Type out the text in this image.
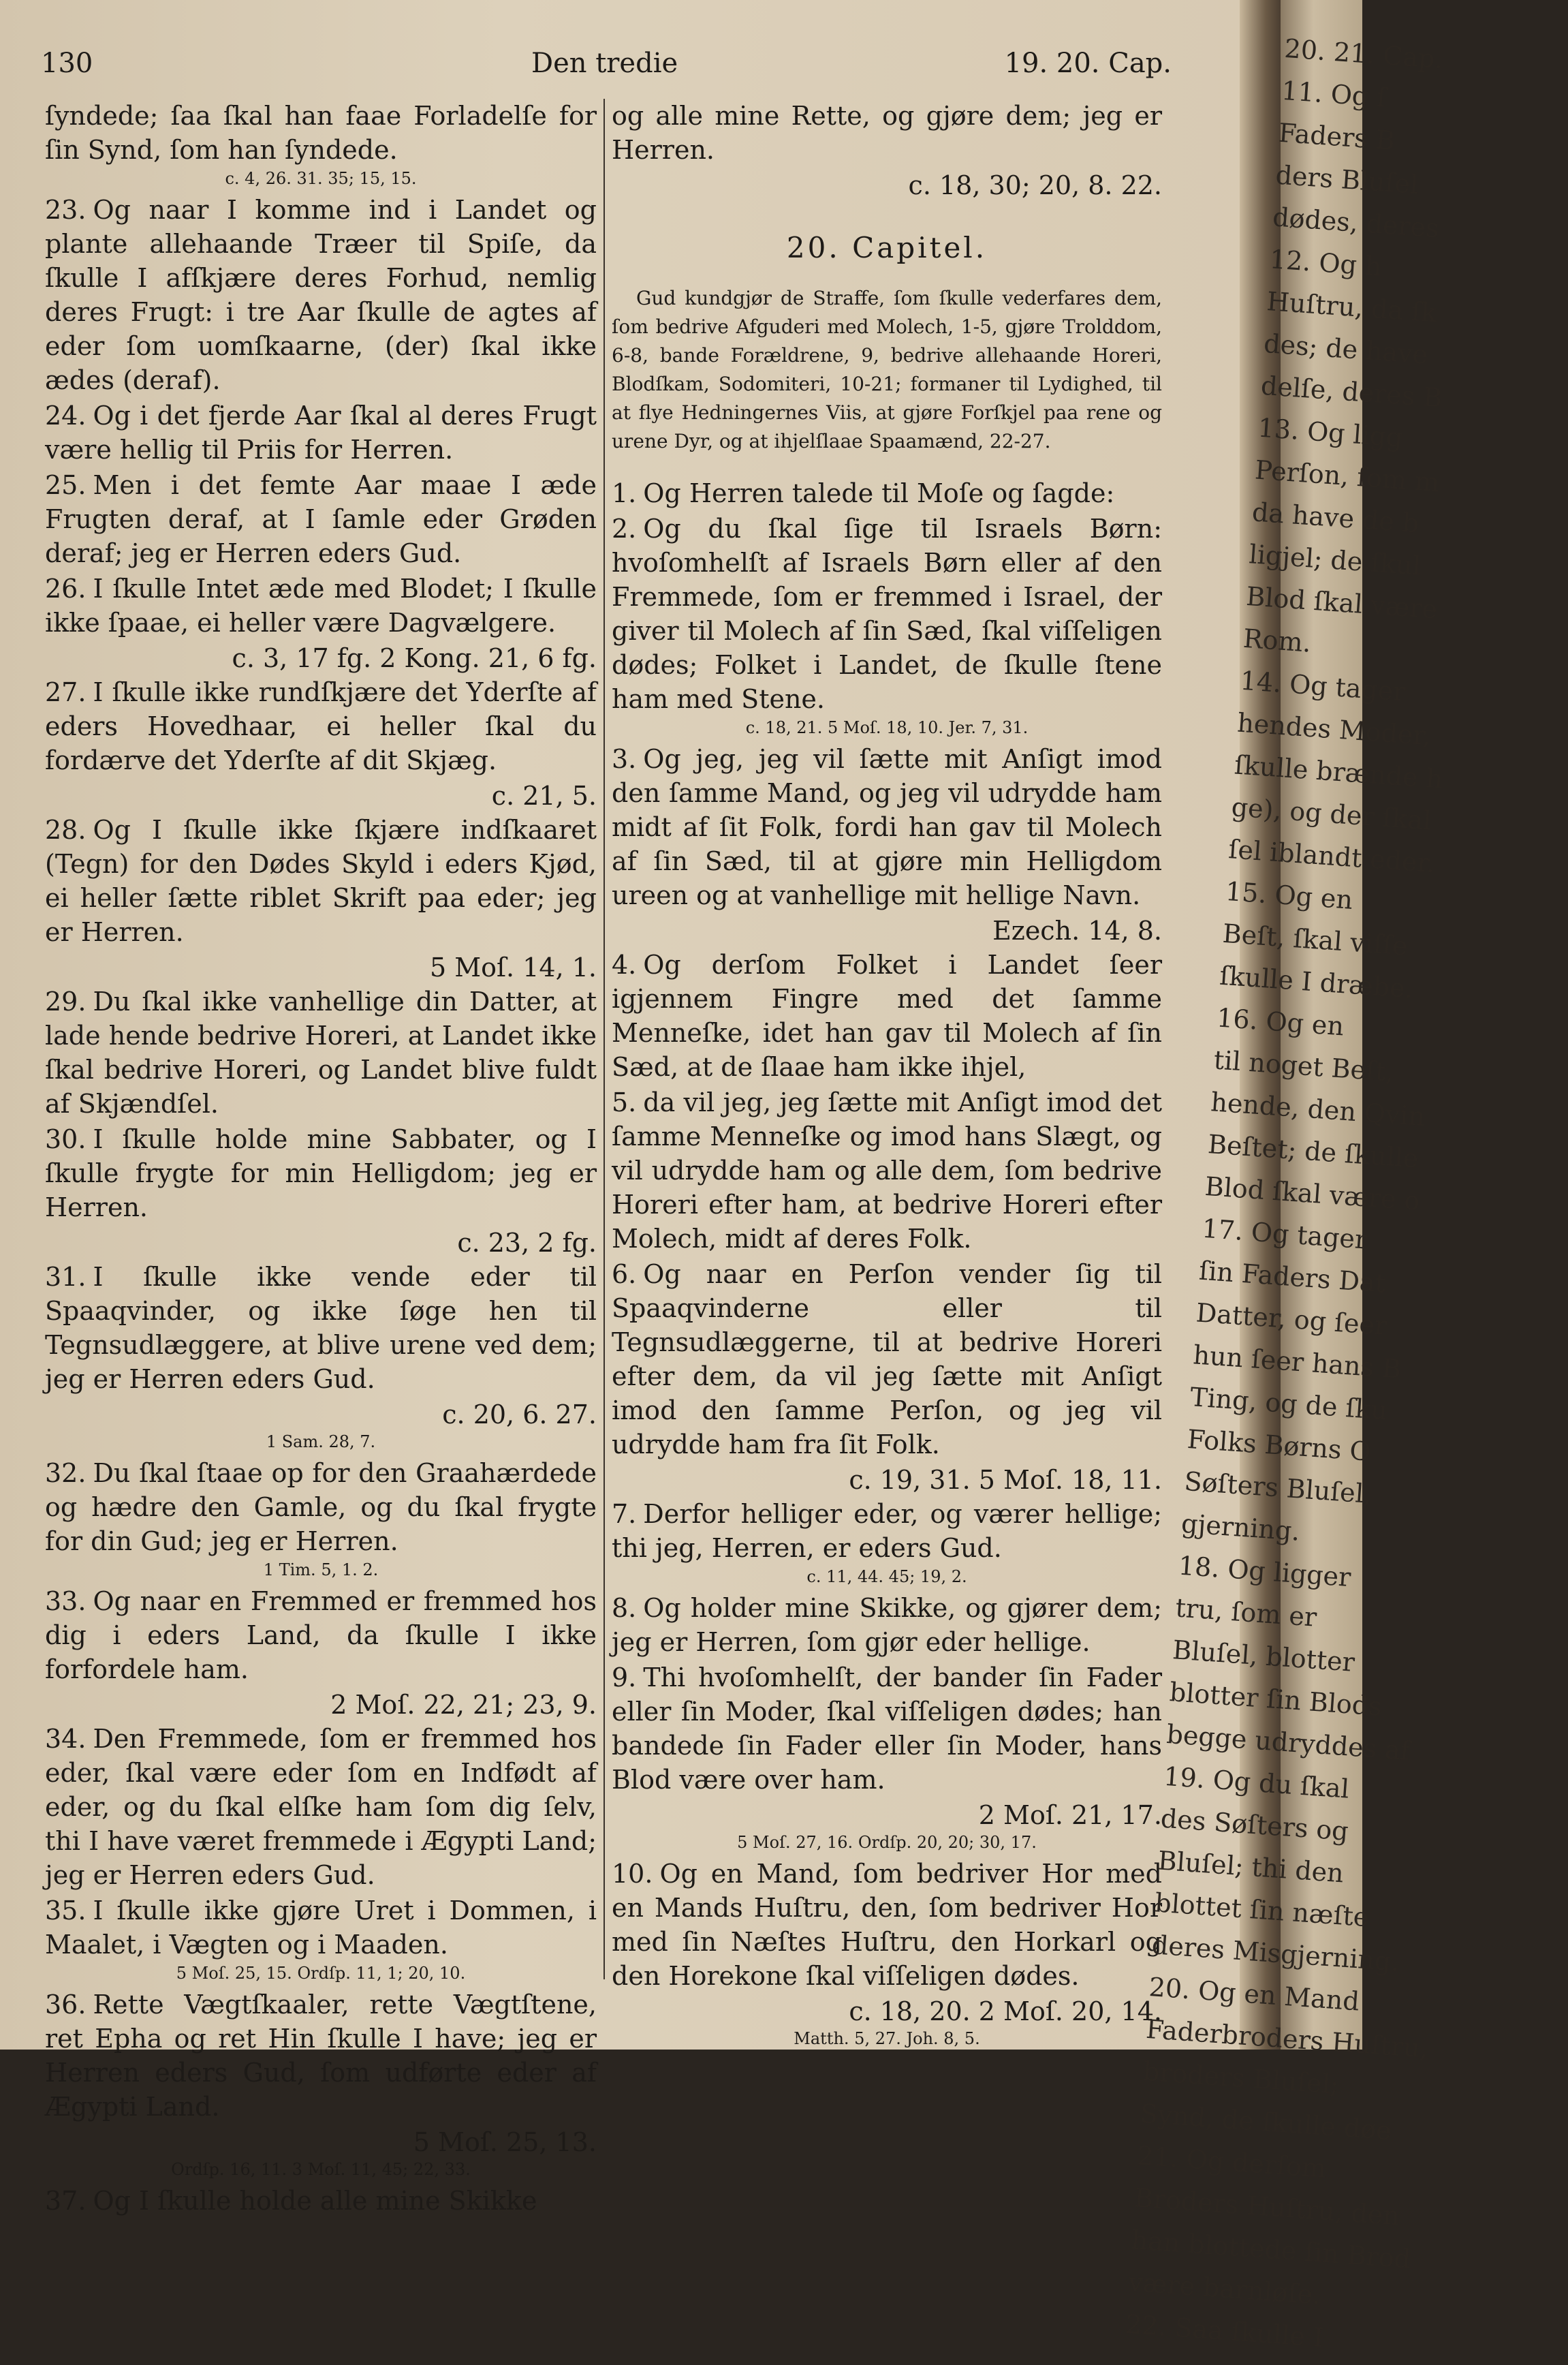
130	Den tredie	19. 20. Cap.
ſyndede; ſaa ſkal han faae Forladelſe for ſin Synd, ſom han ſyndede.
c. 4, 26. 31. 35; 15, 15.
23. Og naar I komme ind i Landet og plante allehaande Træer til Spiſe, da ſkulle I afſkjære deres Forhud, nemlig deres Frugt: i tre Aar ſkulle de agtes af eder ſom uomſkaarne, (der) ſkal ikke ædes (deraf).
24. Og i det fjerde Aar ſkal al deres Frugt være hellig til Priis for Herren.
25. Men i det femte Aar maae I æde Frugten deraf, at I ſamle eder Grøden deraf; jeg er Herren eders Gud.
26. I ſkulle Intet æde med Blodet; I ſkulle ikke ſpaae, ei heller være Dagvælgere.
c. 3, 17 fg. 2 Kong. 21, 6 fg.
27. I ſkulle ikke rundſkjære det Yderſte af eders Hovedhaar, ei heller ſkal du fordærve det Yderſte af dit Skjæg.
c. 21, 5.
28. Og I ſkulle ikke ſkjære indſkaaret (Tegn) for den Dødes Skyld i eders Kjød, ei heller ſætte riblet Skrift paa eder; jeg er Herren.
5 Moſ. 14, 1.
29. Du ſkal ikke vanhellige din Datter, at lade hende bedrive Horeri, at Landet ikke ſkal bedrive Horeri, og Landet blive fuldt af Skjændſel.
30. I ſkulle holde mine Sabbater, og I ſkulle frygte for min Helligdom; jeg er Herren.
c. 23, 2 fg.
31. I ſkulle ikke vende eder til Spaaqvinder, og ikke ſøge hen til Tegnsudlæggere, at blive urene ved dem; jeg er Herren eders Gud.
c. 20, 6. 27.
1 Sam. 28, 7.
32. Du ſkal ſtaae op for den Graahærdede og hædre den Gamle, og du ſkal frygte for din Gud; jeg er Herren.
1 Tim. 5, 1. 2.
33. Og naar en Fremmed er fremmed hos dig i eders Land, da ſkulle I ikke forfordele ham.
2 Moſ. 22, 21; 23, 9.
34. Den Fremmede, ſom er fremmed hos eder, ſkal være eder ſom en Indfødt af eder, og du ſkal elſke ham ſom dig ſelv, thi I have været fremmede i Ægypti Land; jeg er Herren eders Gud.
35. I ſkulle ikke gjøre Uret i Dommen, i Maalet, i Vægten og i Maaden.
5 Moſ. 25, 15. Ordſp. 11, 1; 20, 10.
36. Rette Vægtſkaaler, rette Vægtſtene, ret Epha og ret Hin ſkulle I have; jeg er Herren eders Gud, ſom udførte eder af Ægypti Land.
5 Moſ. 25, 13.
Ordſp. 16, 11. 3 Moſ. 11, 45; 22, 33.
37. Og I ſkulle holde alle mine Skikke
og alle mine Rette, og gjøre dem; jeg er Herren.
c. 18, 30; 20, 8. 22.
20. Capitel.
Gud kundgjør de Straffe, ſom ſkulle vederfares dem, ſom bedrive Afguderi med Molech, 1-5, gjøre Trolddom, 6-8, bande Forældrene, 9, bedrive allehaande Horeri, Blodſkam, Sodomiteri, 10-21; formaner til Lydighed, til at flye Hedningernes Viis, at gjøre Forſkjel paa rene og urene Dyr, og at ihjelſlaae Spaamænd, 22-27.
1. Og Herren talede til Moſe og ſagde:
2. Og du ſkal ſige til Israels Børn: hvoſomhelſt af Israels Børn eller af den Fremmede, ſom er fremmed i Israel, der giver til Molech af ſin Sæd, ſkal viſſeligen dødes; Folket i Landet, de ſkulle ſtene ham med Stene.
c. 18, 21. 5 Moſ. 18, 10. Jer. 7, 31.
3. Og jeg, jeg vil ſætte mit Anſigt imod den ſamme Mand, og jeg vil udrydde ham midt af ſit Folk, fordi han gav til Molech af ſin Sæd, til at gjøre min Helligdom ureen og at vanhellige mit hellige Navn.
Ezech. 14, 8.
4. Og derſom Folket i Landet ſeer igjennem Fingre med det ſamme Menneſke, idet han gav til Molech af ſin Sæd, at de ſlaae ham ikke ihjel,
5. da vil jeg, jeg ſætte mit Anſigt imod det ſamme Menneſke og imod hans Slægt, og vil udrydde ham og alle dem, ſom bedrive Horeri efter ham, at bedrive Horeri efter Molech, midt af deres Folk.
6. Og naar en Perſon vender ſig til Spaaqvinderne eller til Tegnsudlæggerne, til at bedrive Horeri efter dem, da vil jeg ſætte mit Anſigt imod den ſamme Perſon, og jeg vil udrydde ham fra ſit Folk.
c. 19, 31. 5 Moſ. 18, 11.
7. Derfor helliger eder, og værer hellige; thi jeg, Herren, er eders Gud.
c. 11, 44. 45; 19, 2.
8. Og holder mine Skikke, og gjører dem; jeg er Herren, ſom gjør eder hellige.
9. Thi hvoſomhelſt, der bander ſin Fader eller ſin Moder, ſkal viſſeligen dødes; han bandede ſin Fader eller ſin Moder, hans Blod være over ham.
2 Moſ. 21, 17.
5 Moſ. 27, 16. Ordſp. 20, 20; 30, 17.
10. Og en Mand, ſom bedriver Hor med en Mands Huſtru, den, ſom bedriver Hor med ſin Næſtes Huſtru, den Horkarl og den Horekone ſkal viſſeligen dødes.
c. 18, 20. 2 Moſ. 20, 14.
Matth. 5, 27. Joh. 8, 5.
20. 21. Cap.
11. Og ſ
Faders B
ders Bluſel
dødes, deres
12. Og h
Huſtru, da ſk
des; de have
delſe, deres B
13. Og ligg
Perſon, ſom m
da have de b
ligjel; de ſkul
Blod ſkal være
Rom.
14. Og tager
hendes Moder,
ſkulle brænde h
ge), og der ſkal
ſel iblandt eder.
15. Og en
Beſt, ſkal viſſe
ſkulle I dræbe.
16. Og en
til noget Beſt,
hende, den Qvin
Beſtet; de ſkulle
Blod ſkal være o
17. Og tager
ſin Faders Dat
Datter, og ſeer
hun ſeer hans B
Ting, og de ſku
Folks Børns O
Søſters Bluſel,
gjerning.
18. Og ligger
tru, ſom er
Bluſel, blotter
blotter ſin Blods
begge udryddes af
19. Og du ſkal
des Søſters og
Bluſel; thi den
blottet ſin næſte
deres Misgjerning.
20. Og en Mand
Faderbroders Huſtru,
broders Bluſel;
Synd, de ſkulle døe
21. Og derſom
Broders Huſtru, den
han blottede ſin Brod
være barnløſe.
22. Saa ſkulle I
